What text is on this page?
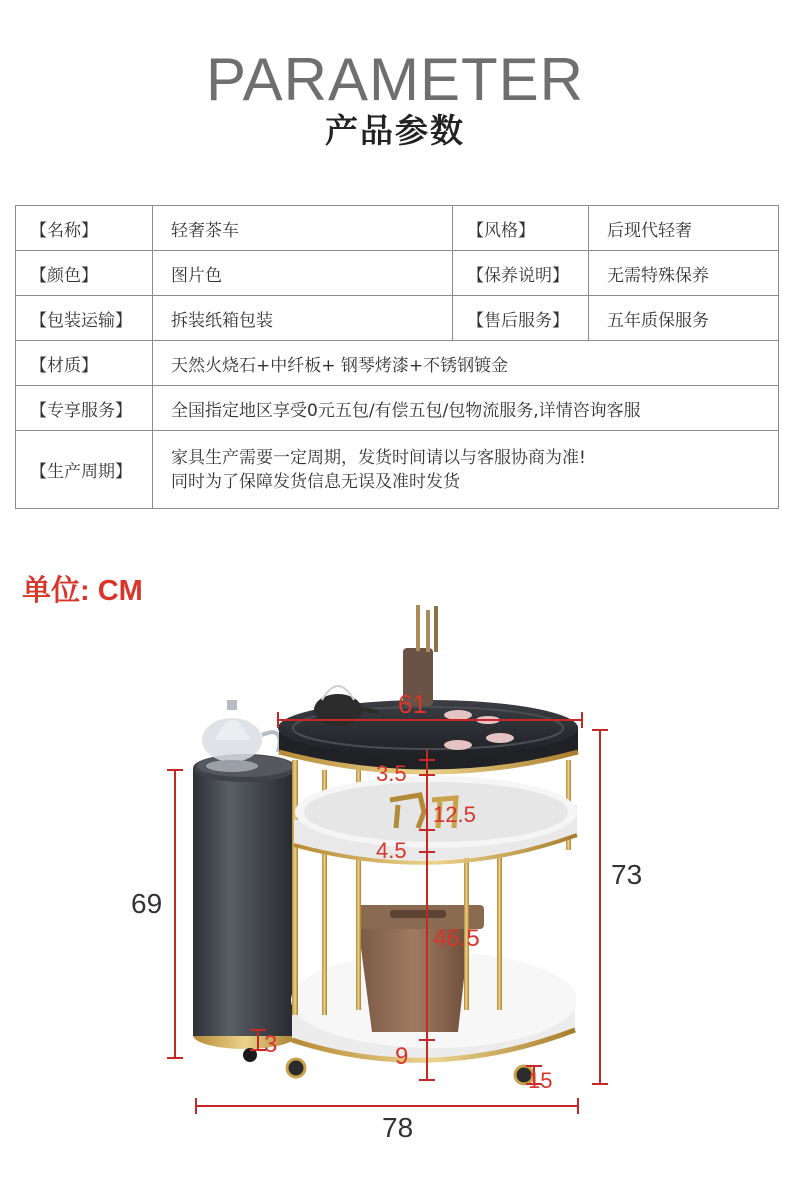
PARAMETER
产品参数
【名称】	轻奢茶车	【风格】	后现代轻奢
【颜色】	图片色	【保养说明】	无需特殊保养
【包装运输】	拆装纸箱包装	【售后服务】	五年质保服务
【材质】	天然火烧石+中纤板+ 钢琴烤漆+不锈钢镀金		
【专享服务】	全国指定地区享受0元五包/有偿五包/包物流服务,详情咨询客服		
【生产周期】	家具生产需要一定周期，发货时间请以与客服协商为准!
同时为了保障发货信息无误及准时发货		
单位: CM
61
3.5
12.5
4.5
46.5
9
3
15
69
73
78
